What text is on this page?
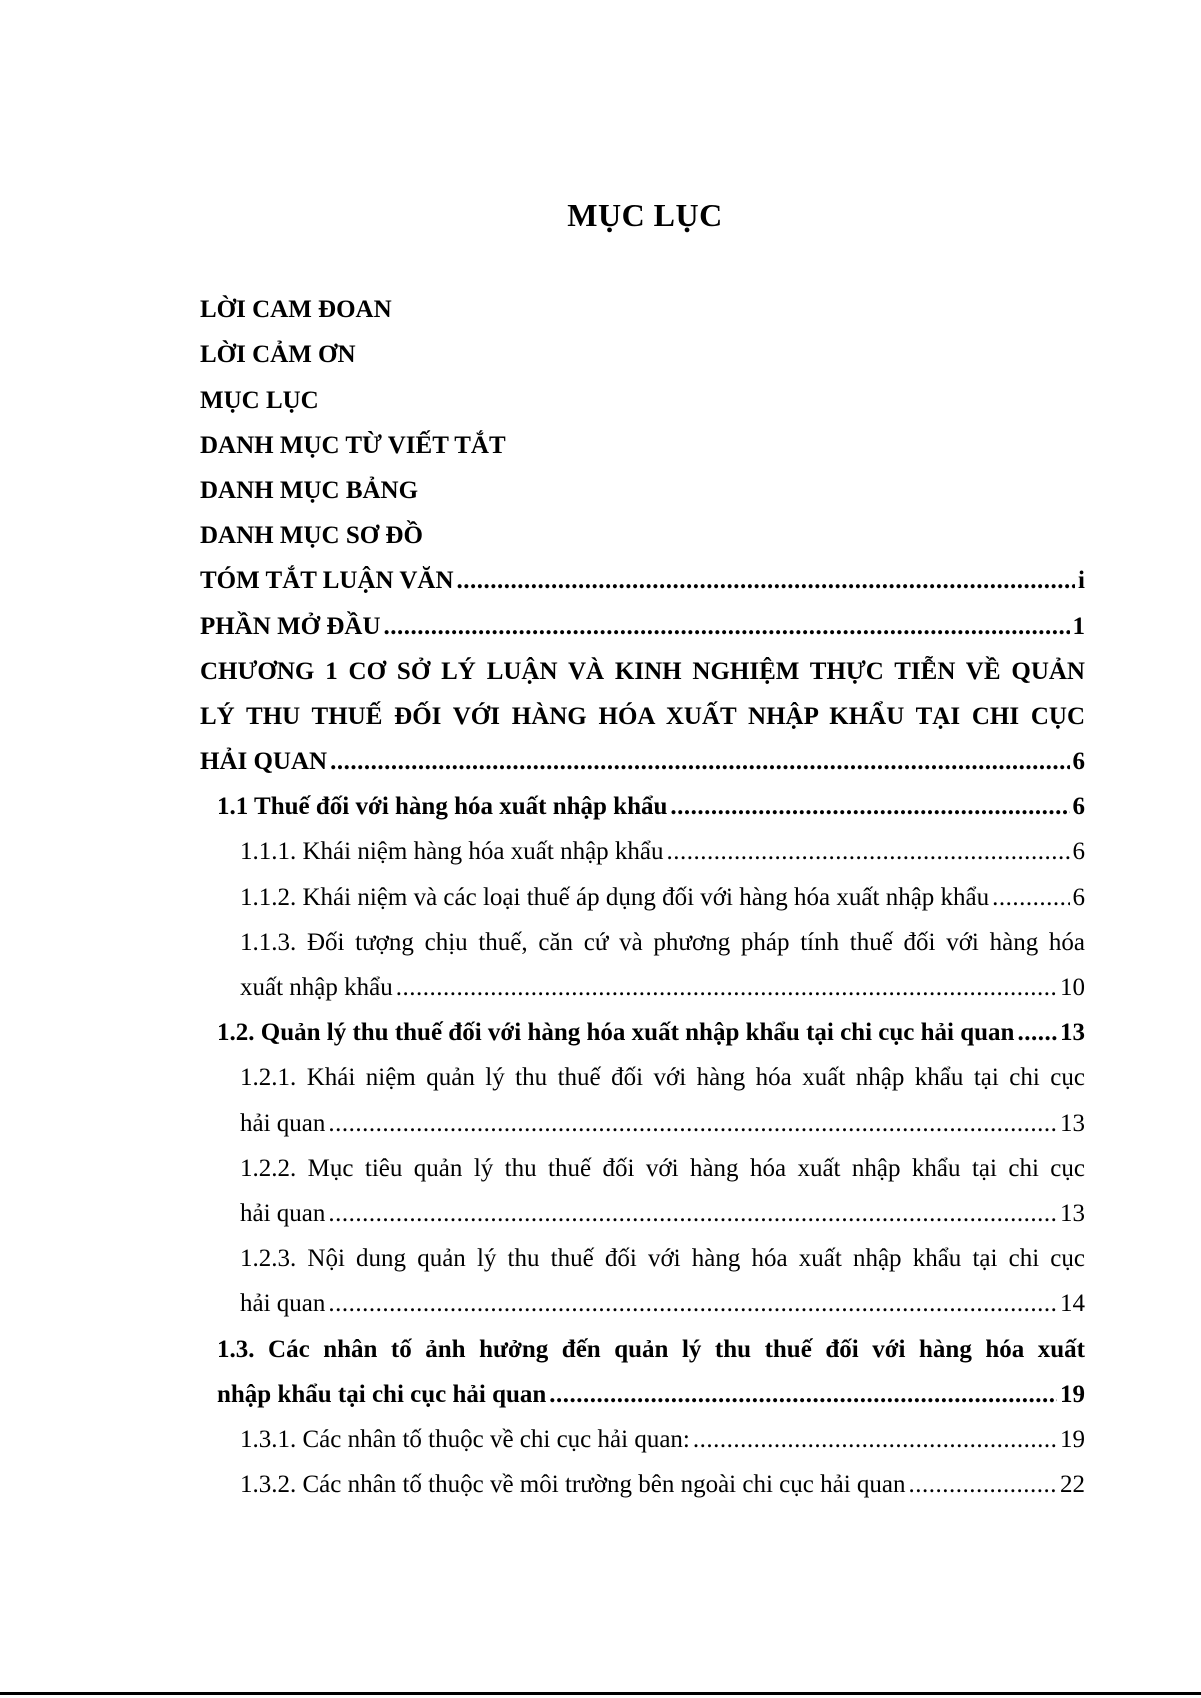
MỤC LỤC
LỜI CAM ĐOAN
LỜI CẢM ƠN
MỤC LỤC
DANH MỤC TỪ VIẾT TẮT
DANH MỤC BẢNG
DANH MỤC SƠ ĐỒ
TÓM TẮT LUẬN VĂN .....	i
PHẦN MỞ ĐẦU .....	1
CHƯƠNG 1 CƠ SỞ LÝ LUẬN VÀ KINH NGHIỆM THỰC TIỄN VỀ QUẢN
LÝ THU THUẾ ĐỐI VỚI HÀNG HÓA XUẤT NHẬP KHẨU TẠI CHI CỤC
HẢI QUAN .....	6
1.1 Thuế đối với hàng hóa xuất nhập khẩu .....	6
1.1.1. Khái niệm hàng hóa xuất nhập khẩu .....	6
1.1.2. Khái niệm và các loại thuế áp dụng đối với hàng hóa xuất nhập khẩu .....	6
1.1.3. Đối tượng chịu thuế, căn cứ và phương pháp tính thuế đối với hàng hóa
xuất nhập khẩu .....	10
1.2. Quản lý thu thuế đối với hàng hóa xuất nhập khẩu tại chi cục hải quan ..... 13
1.2.1. Khái niệm quản lý thu thuế đối với hàng hóa xuất nhập khẩu tại chi cục
hải quan .....	13
1.2.2. Mục tiêu quản lý thu thuế đối với hàng hóa xuất nhập khẩu tại chi cục
hải quan .....	13
1.2.3. Nội dung quản lý thu thuế đối với hàng hóa xuất nhập khẩu tại chi cục
hải quan .....	14
1.3. Các nhân tố ảnh hưởng đến quản lý thu thuế đối với hàng hóa xuất
nhập khẩu tại chi cục hải quan .....	19
1.3.1. Các nhân tố thuộc về chi cục hải quan: .....	19
1.3.2. Các nhân tố thuộc về môi trường bên ngoài chi cục hải quan .....	22
